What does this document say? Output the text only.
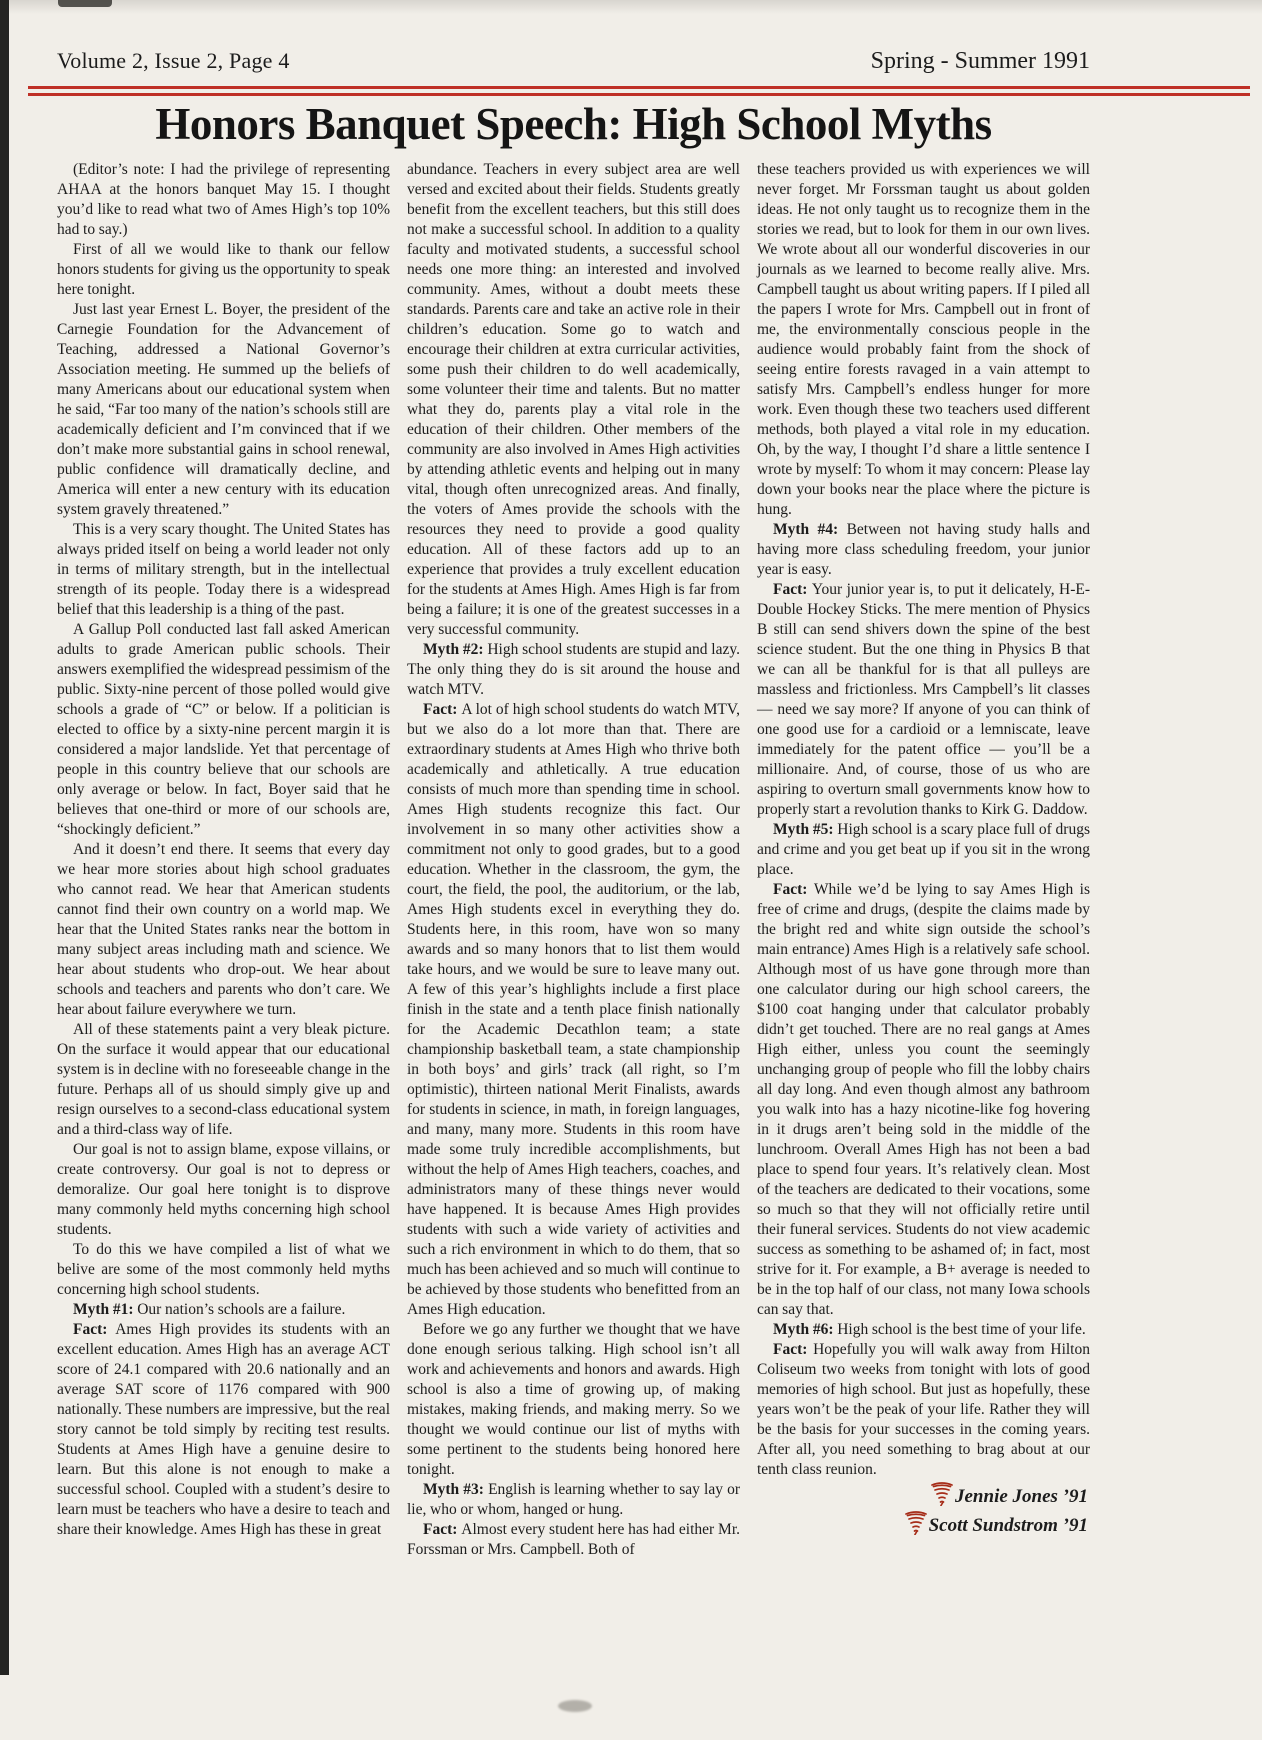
Volume 2, Issue 2, Page 4	Spring - Summer 1991
Honors Banquet Speech: High School Myths

(Editor’s note: I had the privilege of representing AHAA at the honors banquet May 15. I thought you’d like to read what two of Ames High’s top 10% had to say.)

First of all we would like to thank our fellow honors students for giving us the opportunity to speak here tonight.

Just last year Ernest L. Boyer, the president of the Carnegie Foundation for the Advancement of Teaching, addressed a National Governor’s Association meeting. He summed up the beliefs of many Americans about our educational system when he said, “Far too many of the nation’s schools still are academically deficient and I’m convinced that if we don’t make more substantial gains in school renewal, public confidence will dramatically decline, and America will enter a new century with its education system gravely threatened.”

This is a very scary thought. The United States has always prided itself on being a world leader not only in terms of military strength, but in the intellectual strength of its people. Today there is a widespread belief that this leadership is a thing of the past.

A Gallup Poll conducted last fall asked American adults to grade American public schools. Their answers exemplified the widespread pessimism of the public. Sixty-nine percent of those polled would give schools a grade of “C” or below. If a politician is elected to office by a sixty-nine percent margin it is considered a major landslide. Yet that percentage of people in this country believe that our schools are only average or below. In fact, Boyer said that he believes that one-third or more of our schools are, “shockingly deficient.”

And it doesn’t end there. It seems that every day we hear more stories about high school graduates who cannot read. We hear that American students cannot find their own country on a world map. We hear that the United States ranks near the bottom in many subject areas including math and science. We hear about students who drop-out. We hear about schools and teachers and parents who don’t care. We hear about failure everywhere we turn.

All of these statements paint a very bleak picture. On the surface it would appear that our educational system is in decline with no foreseeable change in the future. Perhaps all of us should simply give up and resign ourselves to a second-class educational system and a third-class way of life.

Our goal is not to assign blame, expose villains, or create controversy. Our goal is not to depress or demoralize. Our goal here tonight is to disprove many commonly held myths concerning high school students.

To do this we have compiled a list of what we belive are some of the most commonly held myths concerning high school students.

Myth #1: Our nation’s schools are a failure.

Fact: Ames High provides its students with an excellent education. Ames High has an average ACT score of 24.1 compared with 20.6 nationally and an average SAT score of 1176 compared with 900 nationally. These numbers are impressive, but the real story cannot be told simply by reciting test results. Students at Ames High have a genuine desire to learn. But this alone is not enough to make a successful school. Coupled with a student’s desire to learn must be teachers who have a desire to teach and share their knowledge. Ames High has these in great

abundance. Teachers in every subject area are well versed and excited about their fields. Students greatly benefit from the excellent teachers, but this still does not make a successful school. In addition to a quality faculty and motivated students, a successful school needs one more thing: an interested and involved community. Ames, without a doubt meets these standards. Parents care and take an active role in their children’s education. Some go to watch and encourage their children at extra curricular activities, some push their children to do well academically, some volunteer their time and talents. But no matter what they do, parents play a vital role in the education of their children. Other members of the community are also involved in Ames High activities by attending athletic events and helping out in many vital, though often unrecognized areas. And finally, the voters of Ames provide the schools with the resources they need to provide a good quality education. All of these factors add up to an experience that provides a truly excellent education for the students at Ames High. Ames High is far from being a failure; it is one of the greatest successes in a very successful community.

Myth #2: High school students are stupid and lazy. The only thing they do is sit around the house and watch MTV.

Fact: A lot of high school students do watch MTV, but we also do a lot more than that. There are extraordinary students at Ames High who thrive both academically and athletically. A true education consists of much more than spending time in school. Ames High students recognize this fact. Our involvement in so many other activities show a commitment not only to good grades, but to a good education. Whether in the classroom, the gym, the court, the field, the pool, the auditorium, or the lab, Ames High students excel in everything they do. Students here, in this room, have won so many awards and so many honors that to list them would take hours, and we would be sure to leave many out. A few of this year’s highlights include a first place finish in the state and a tenth place finish nationally for the Academic Decathlon team; a state championship basketball team, a state championship in both boys’ and girls’ track (all right, so I’m optimistic), thirteen national Merit Finalists, awards for students in science, in math, in foreign languages, and many, many more. Students in this room have made some truly incredible accomplishments, but without the help of Ames High teachers, coaches, and administrators many of these things never would have happened. It is because Ames High provides students with such a wide variety of activities and such a rich environment in which to do them, that so much has been achieved and so much will continue to be achieved by those students who benefitted from an Ames High education.

Before we go any further we thought that we have done enough serious talking. High school isn’t all work and achievements and honors and awards. High school is also a time of growing up, of making mistakes, making friends, and making merry. So we thought we would continue our list of myths with some pertinent to the students being honored here tonight.

Myth #3: English is learning whether to say lay or lie, who or whom, hanged or hung.

Fact: Almost every student here has had either Mr. Forssman or Mrs. Campbell. Both of

these teachers provided us with experiences we will never forget. Mr Forssman taught us about golden ideas. He not only taught us to recognize them in the stories we read, but to look for them in our own lives. We wrote about all our wonderful discoveries in our journals as we learned to become really alive. Mrs. Campbell taught us about writing papers. If I piled all the papers I wrote for Mrs. Campbell out in front of me, the environmentally conscious people in the audience would probably faint from the shock of seeing entire forests ravaged in a vain attempt to satisfy Mrs. Campbell’s endless hunger for more work. Even though these two teachers used different methods, both played a vital role in my education. Oh, by the way, I thought I’d share a little sentence I wrote by myself: To whom it may concern: Please lay down your books near the place where the picture is hung.

Myth #4: Between not having study halls and having more class scheduling freedom, your junior year is easy.

Fact: Your junior year is, to put it delicately, H-E-Double Hockey Sticks. The mere mention of Physics B still can send shivers down the spine of the best science student. But the one thing in Physics B that we can all be thankful for is that all pulleys are massless and frictionless. Mrs Campbell’s lit classes — need we say more? If anyone of you can think of one good use for a cardioid or a lemniscate, leave immediately for the patent office — you’ll be a millionaire. And, of course, those of us who are aspiring to overturn small governments know how to properly start a revolution thanks to Kirk G. Daddow.

Myth #5: High school is a scary place full of drugs and crime and you get beat up if you sit in the wrong place.

Fact: While we’d be lying to say Ames High is free of crime and drugs, (despite the claims made by the bright red and white sign outside the school’s main entrance) Ames High is a relatively safe school. Although most of us have gone through more than one calculator during our high school careers, the $100 coat hanging under that calculator probably didn’t get touched. There are no real gangs at Ames High either, unless you count the seemingly unchanging group of people who fill the lobby chairs all day long. And even though almost any bathroom you walk into has a hazy nicotine-like fog hovering in it drugs aren’t being sold in the middle of the lunchroom. Overall Ames High has not been a bad place to spend four years. It’s relatively clean. Most of the teachers are dedicated to their vocations, some so much so that they will not officially retire until their funeral services. Students do not view academic success as something to be ashamed of; in fact, most strive for it. For example, a B+ average is needed to be in the top half of our class, not many Iowa schools can say that.

Myth #6: High school is the best time of your life.

Fact: Hopefully you will walk away from Hilton Coliseum two weeks from tonight with lots of good memories of high school. But just as hopefully, these years won’t be the peak of your life. Rather they will be the basis for your successes in the coming years. After all, you need something to brag about at our tenth class reunion.

Jennie Jones ’91
Scott Sundstrom ’91
